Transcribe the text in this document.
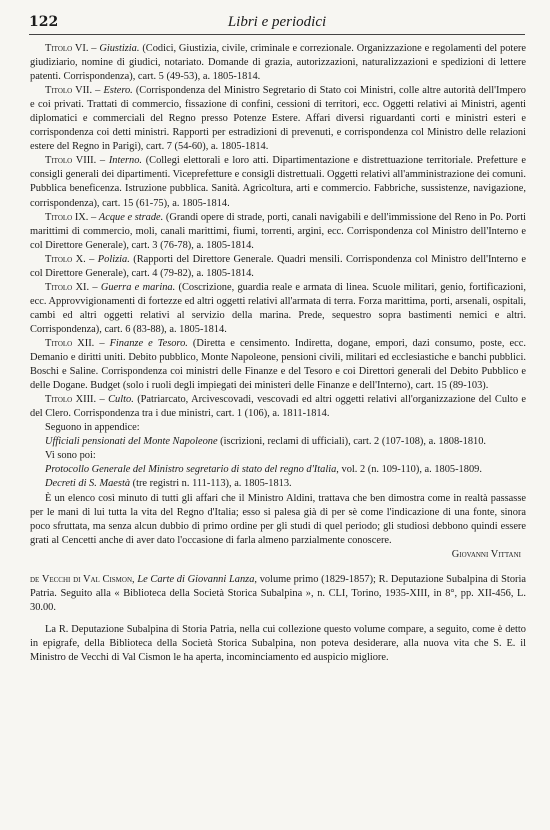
122	Libri e periodici

Titolo VI. – Giustizia. (Codici, Giustizia, civile, criminale e correzionale. Organizzazione e regolamenti del potere giudiziario, nomine di giudici, notariato. Domande di grazia, autorizzazioni, naturalizzazioni e spedizioni di lettere patenti. Corrispondenza), cart. 5 (49-53), a. 1805-1814.

Titolo VII. – Estero. (Corrispondenza del Ministro Segretario di Stato coi Ministri, colle altre autorità dell'Impero e coi privati. Trattati di commercio, fissazione di confini, cessioni di territori, ecc. Oggetti relativi ai Ministri, agenti diplomatici e commerciali del Regno presso Potenze Estere. Affari diversi riguardanti corti e ministri esteri e corrispondenza coi detti ministri. Rapporti per estradizioni di prevenuti, e corrispondenza col Ministro delle relazioni estere del Regno in Parigi), cart. 7 (54-60), a. 1805-1814.

Titolo VIII. – Interno. (Collegi elettorali e loro atti. Dipartimentazione e distrettuazione territoriale. Prefetture e consigli generali dei dipartimenti. Viceprefetture e consigli distrettuali. Oggetti relativi all'amministrazione dei comuni. Pubblica beneficenza. Istruzione pubblica. Sanità. Agricoltura, arti e commercio. Fabbriche, sussistenze, navigazione, corrispondenza), cart. 15 (61-75), a. 1805-1814.

Titolo IX. – Acque e strade. (Grandi opere di strade, porti, canali navigabili e dell'immissione del Reno in Po. Porti marittimi di commercio, moli, canali marittimi, fiumi, torrenti, argini, ecc. Corrispondenza col Ministro dell'Interno e col Direttore Generale), cart. 3 (76-78), a. 1805-1814.

Titolo X. – Polizia. (Rapporti del Direttore Generale. Quadri mensili. Corrispondenza col Ministro dell'Interno e col Direttore Generale), cart. 4 (79-82), a. 1805-1814.

Titolo XI. – Guerra e marina. (Coscrizione, guardia reale e armata di linea. Scuole militari, genio, fortificazioni, ecc. Approvvigionamenti di fortezze ed altri oggetti relativi all'armata di terra. Forza marittima, porti, arsenali, ospitali, cambi ed altri oggetti relativi al servizio della marina. Prede, sequestro sopra bastimenti nemici e altri. Corrispondenza), cart. 6 (83-88), a. 1805-1814.

Titolo XII. – Finanze e Tesoro. (Diretta e censimento. Indiretta, dogane, empori, dazi consumo, poste, ecc. Demanio e diritti uniti. Debito pubblico, Monte Napoleone, pensioni civili, militari ed ecclesiastiche e banchi pubblici. Boschi e Saline. Corrispondenza coi ministri delle Finanze e del Tesoro e coi Direttori generali del Debito Pubblico e delle Dogane. Budget (solo i ruoli degli impiegati dei ministeri delle Finanze e dell'Interno), cart. 15 (89-103).

Titolo XIII. – Culto. (Patriarcato, Arcivescovadi, vescovadi ed altri oggetti relativi all'organizzazione del Culto e del Clero. Corrispondenza tra i due ministri, cart. 1 (106), a. 1811-1814.

Seguono in appendice:

Ufficiali pensionati del Monte Napoleone (iscrizioni, reclami di ufficiali), cart. 2 (107-108), a. 1808-1810.

Vi sono poi:

Protocollo Generale del Ministro segretario di stato del regno d'Italia, vol. 2 (n. 109-110), a. 1805-1809.

Decreti di S. Maestà (tre registri n. 111-113), a. 1805-1813.

È un elenco così minuto di tutti gli affari che il Ministro Aldini, trattava che ben dimostra come in realtà passasse per le mani di lui tutta la vita del Regno d'Italia; esso si palesa già di per sè come l'indicazione di una fonte, sinora poco sfruttata, ma senza alcun dubbio di primo ordine per gli studi di quel periodo; gli studiosi debbono quindi essere grati al Cencetti anche di aver dato l'occasione di farla almeno parzialmente conoscere.

Giovanni Vittani

de Vecchi di Val Cismon, Le Carte di Giovanni Lanza, volume primo (1829-1857); R. Deputazione Subalpina di Storia Patria. Seguito alla « Biblioteca della Società Storica Subalpina », n. CLI, Torino, 1935-XIII, in 8°, pp. XII-456, L. 30.00.

La R. Deputazione Subalpina di Storia Patria, nella cui collezione questo volume compare, a seguito, come è detto in epigrafe, della Biblioteca della Società Storica Subalpina, non poteva desiderare, alla nuova vita che S. E. il Ministro de Vecchi di Val Cismon le ha aperta, incominciamento ed auspicio migliore.
